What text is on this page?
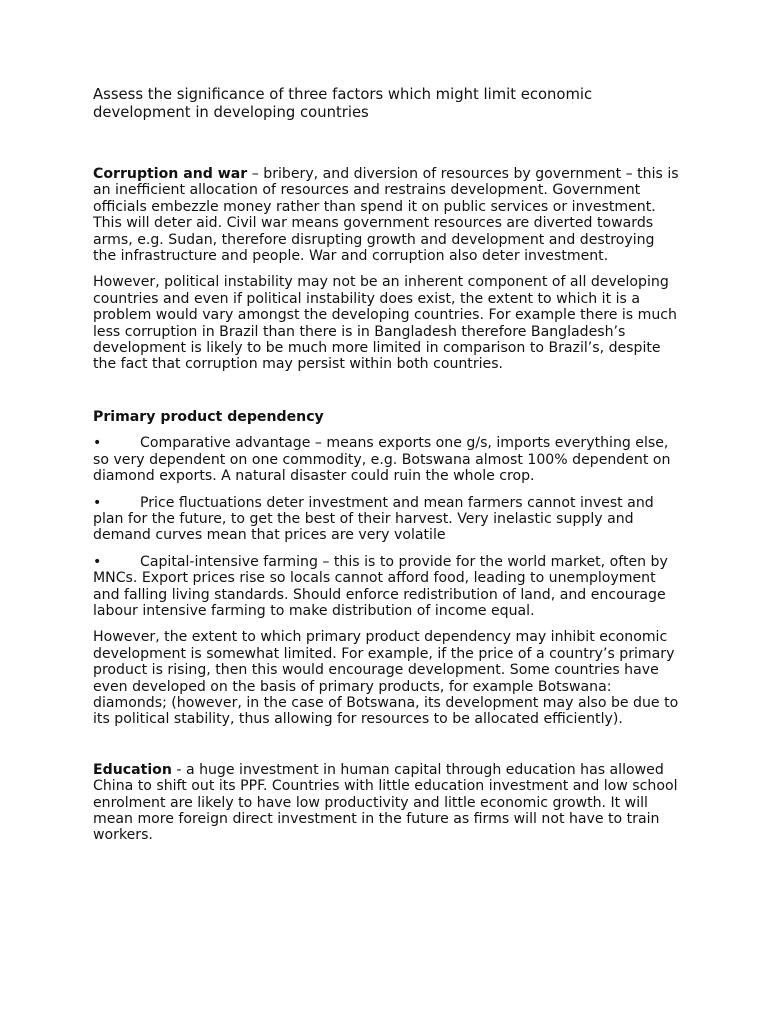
Assess the significance of three factors which might limit economic development in developing countries

Corruption and war – bribery, and diversion of resources by government – this is an inefficient allocation of resources and restrains development. Government officials embezzle money rather than spend it on public services or investment. This will deter aid. Civil war means government resources are diverted towards arms, e.g. Sudan, therefore disrupting growth and development and destroying the infrastructure and people. War and corruption also deter investment.

However, political instability may not be an inherent component of all developing countries and even if political instability does exist, the extent to which it is a problem would vary amongst the developing countries. For example there is much less corruption in Brazil than there is in Bangladesh therefore Bangladesh’s development is likely to be much more limited in comparison to Brazil’s, despite the fact that corruption may persist within both countries.

Primary product dependency
•	Comparative advantage – means exports one g/s, imports everything else, so very dependent on one commodity, e.g. Botswana almost 100% dependent on diamond exports. A natural disaster could ruin the whole crop.
•	Price fluctuations deter investment and mean farmers cannot invest and plan for the future, to get the best of their harvest. Very inelastic supply and demand curves mean that prices are very volatile
•	Capital-intensive farming – this is to provide for the world market, often by MNCs. Export prices rise so locals cannot afford food, leading to unemployment and falling living standards. Should enforce redistribution of land, and encourage labour intensive farming to make distribution of income equal.

However, the extent to which primary product dependency may inhibit economic development is somewhat limited. For example, if the price of a country’s primary product is rising, then this would encourage development. Some countries have even developed on the basis of primary products, for example Botswana: diamonds; (however, in the case of Botswana, its development may also be due to its political stability, thus allowing for resources to be allocated efficiently).

Education - a huge investment in human capital through education has allowed China to shift out its PPF. Countries with little education investment and low school enrolment are likely to have low productivity and little economic growth. It will mean more foreign direct investment in the future as firms will not have to train workers.
